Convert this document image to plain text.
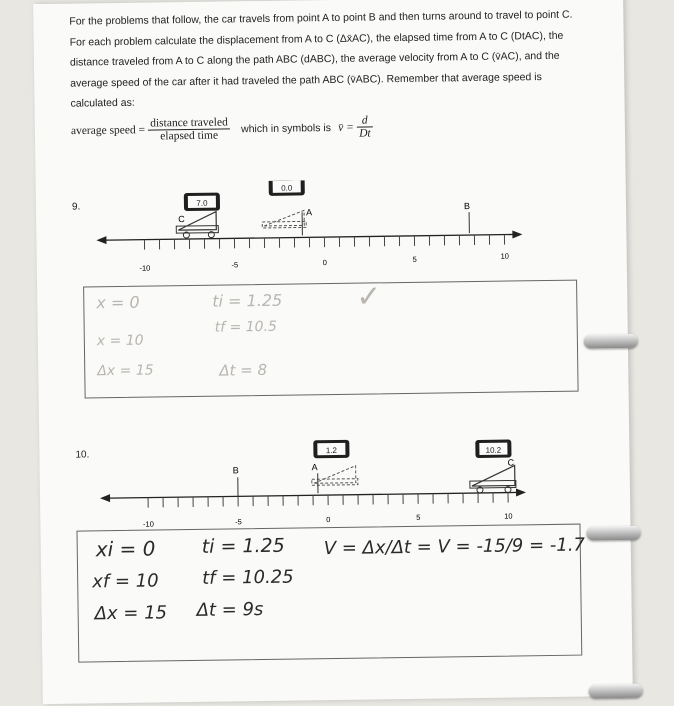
For the problems that follow, the car travels from point A to point B and then turns around to travel to point C. For each problem calculate the displacement from A to C (Δx̄AC), the elapsed time from A to C (DtAC), the distance traveled from A to C along the path ABC (dABC), the average velocity from A to C (v̄AC), and the average speed of the car after it had traveled the path ABC (v̄ABC). Remember that average speed is calculated as:
average speed = $\frac{\text{distance traveled}}{\text{elapsed time}}$ which in symbols is v̄ = $\frac{d}{Dt}$
9.	7.0
0.0
C
A
B
-10	-5	0	5	10
x = 0
x = 10
Δx = 15
ti = 1.25
tf = 10.5
Δt = 8
✓
10.	1.2	10.2
B	A	C
-10	-5	0	5	10
xi = 0
xf = 10
Δx = 15
ti = 1.25
tf = 10.25
Δt = 9s
V = Δx/Δt = V = -15/9 = -1.7
